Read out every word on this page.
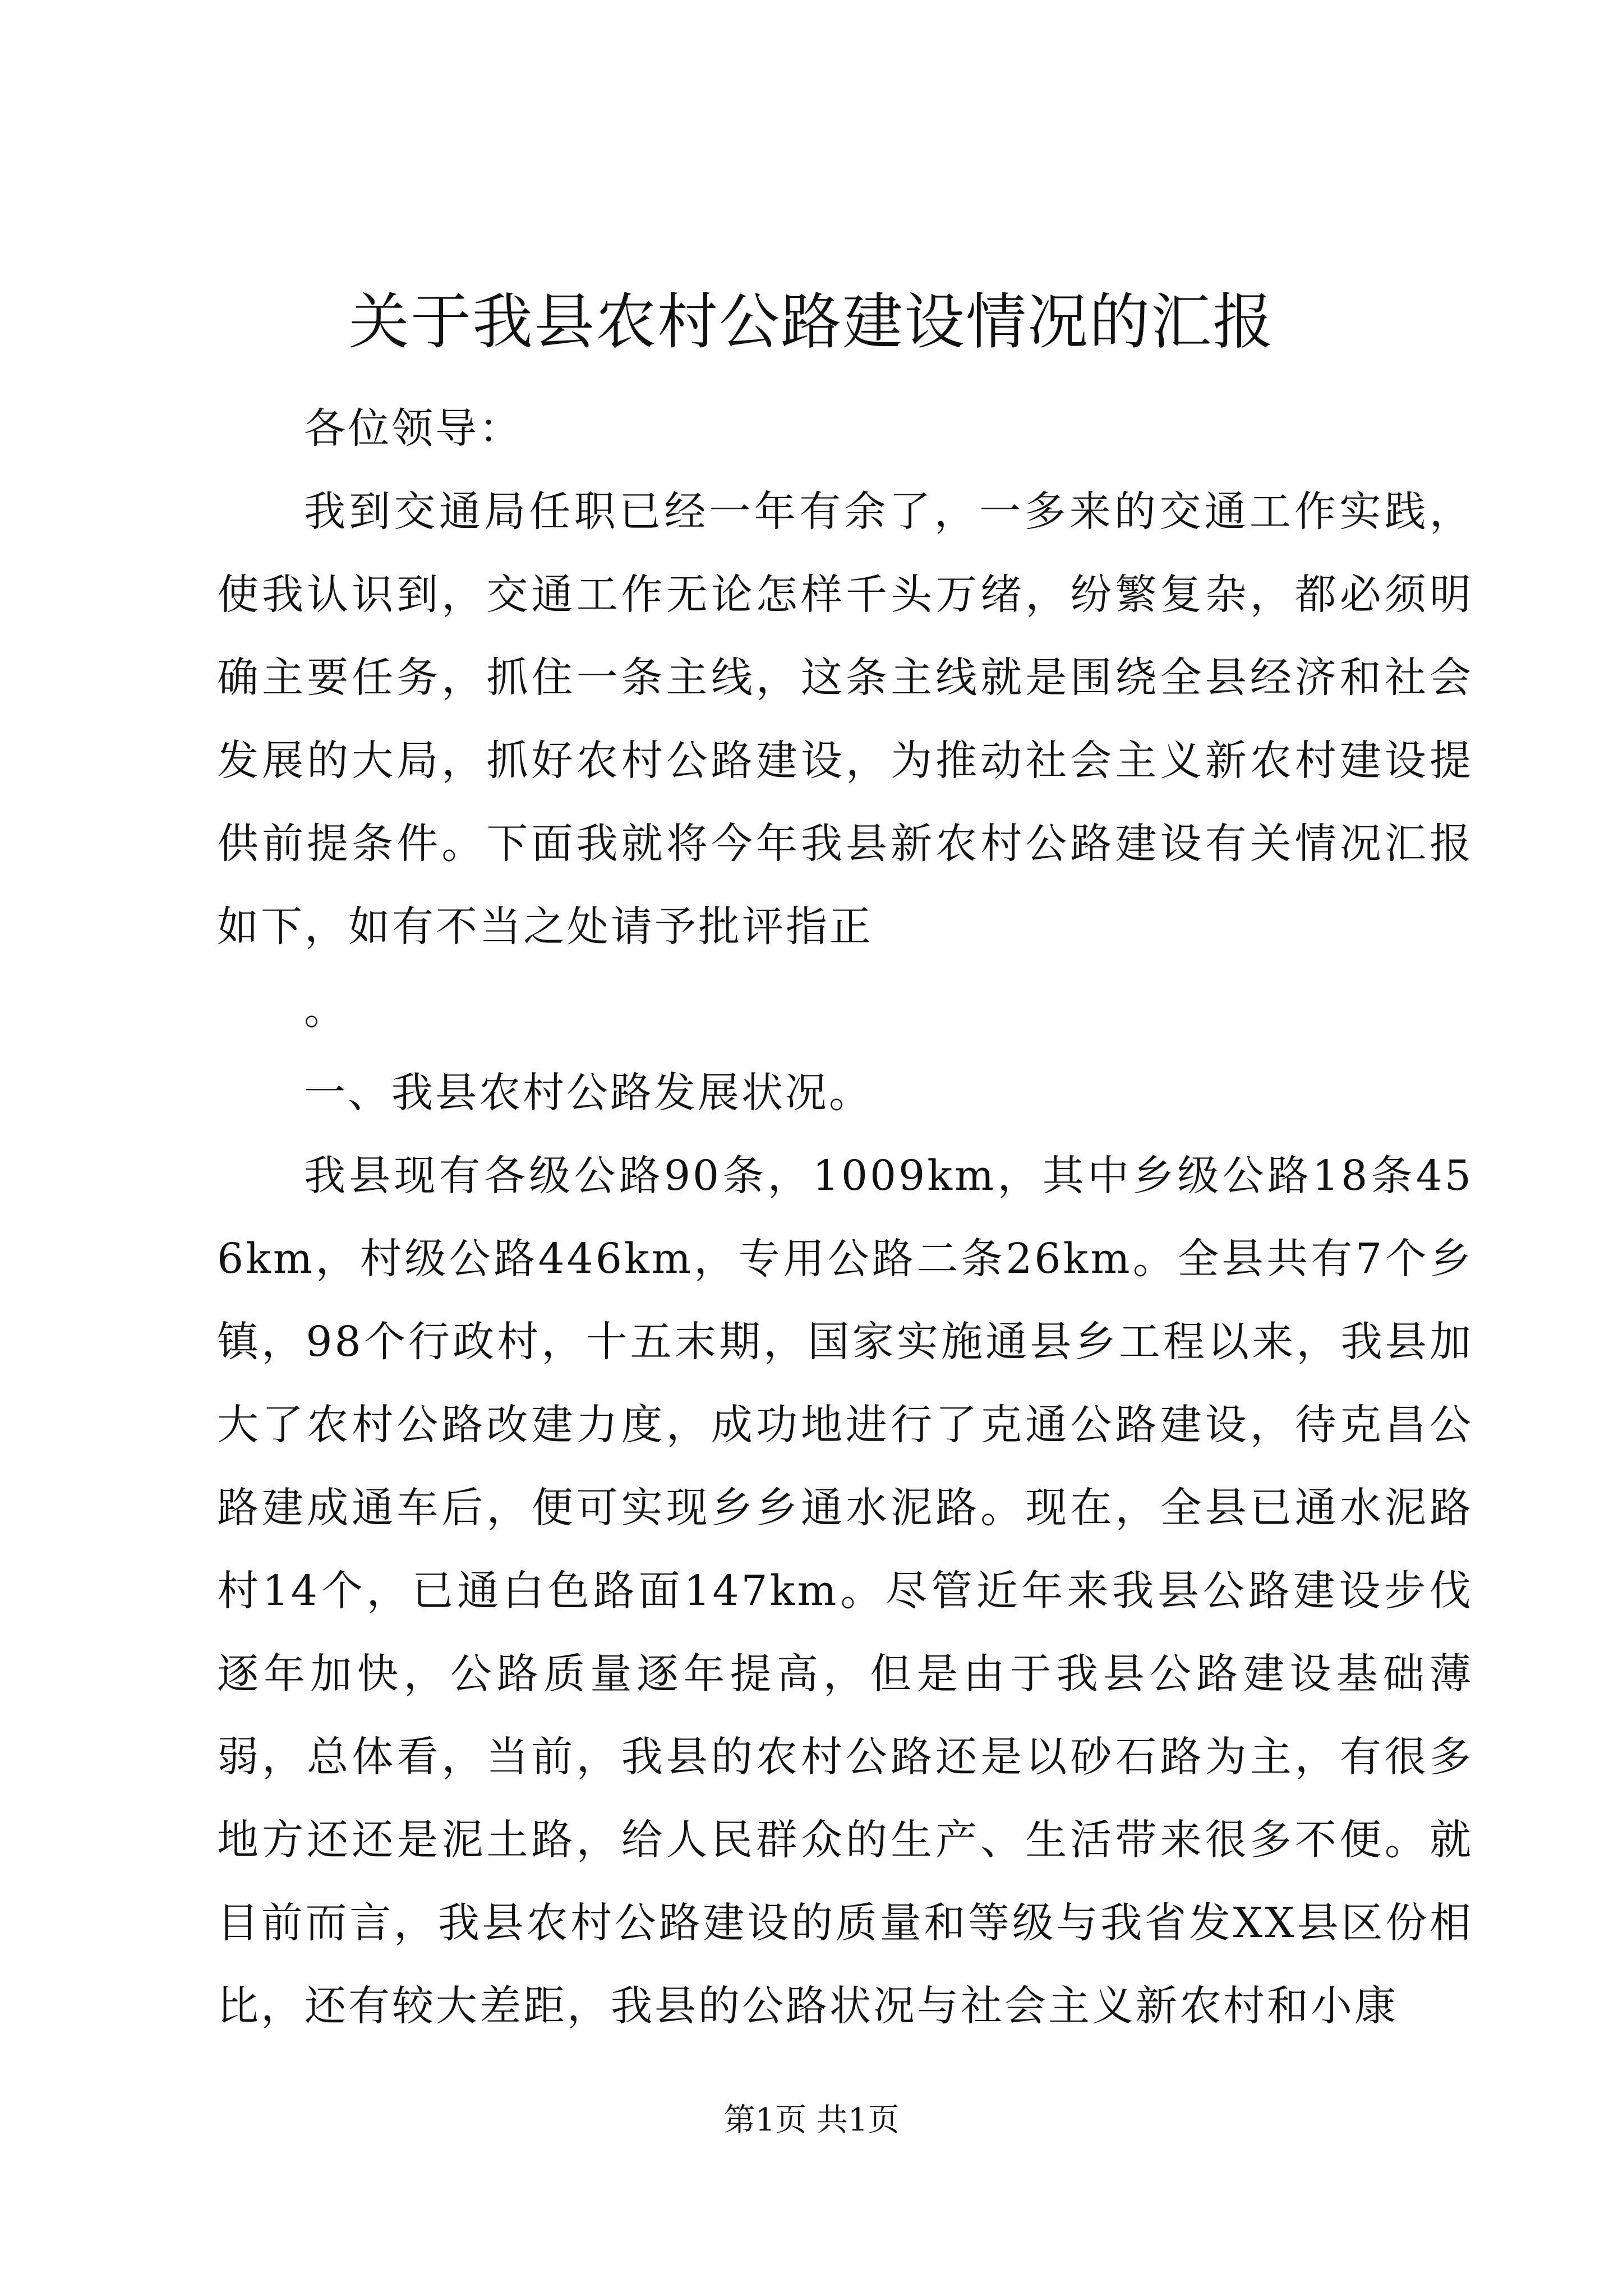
关于我县农村公路建设情况的汇报

各位领导：

我到交通局任职已经一年有余了，一多来的交通工作实践，使我认识到，交通工作无论怎样千头万绪，纷繁复杂，都必须明确主要任务，抓住一条主线，这条主线就是围绕全县经济和社会发展的大局，抓好农村公路建设，为推动社会主义新农村建设提供前提条件。下面我就将今年我县新农村公路建设有关情况汇报如下，如有不当之处请予批评指正

。

一、我县农村公路发展状况。

我县现有各级公路90条，1009km，其中乡级公路18条456km，村级公路446km，专用公路二条26km。全县共有7个乡镇，98个行政村，十五末期，国家实施通县乡工程以来，我县加大了农村公路改建力度，成功地进行了克通公路建设，待克昌公路建成通车后，便可实现乡乡通水泥路。现在，全县已通水泥路村14个，已通白色路面147km。尽管近年来我县公路建设步伐逐年加快，公路质量逐年提高，但是由于我县公路建设基础薄弱，总体看，当前，我县的农村公路还是以砂石路为主，有很多地方还还是泥土路，给人民群众的生产、生活带来很多不便。就目前而言，我县农村公路建设的质量和等级与我省发XX县区份相比，还有较大差距，我县的公路状况与社会主义新农村和小康

第1页 共1页
